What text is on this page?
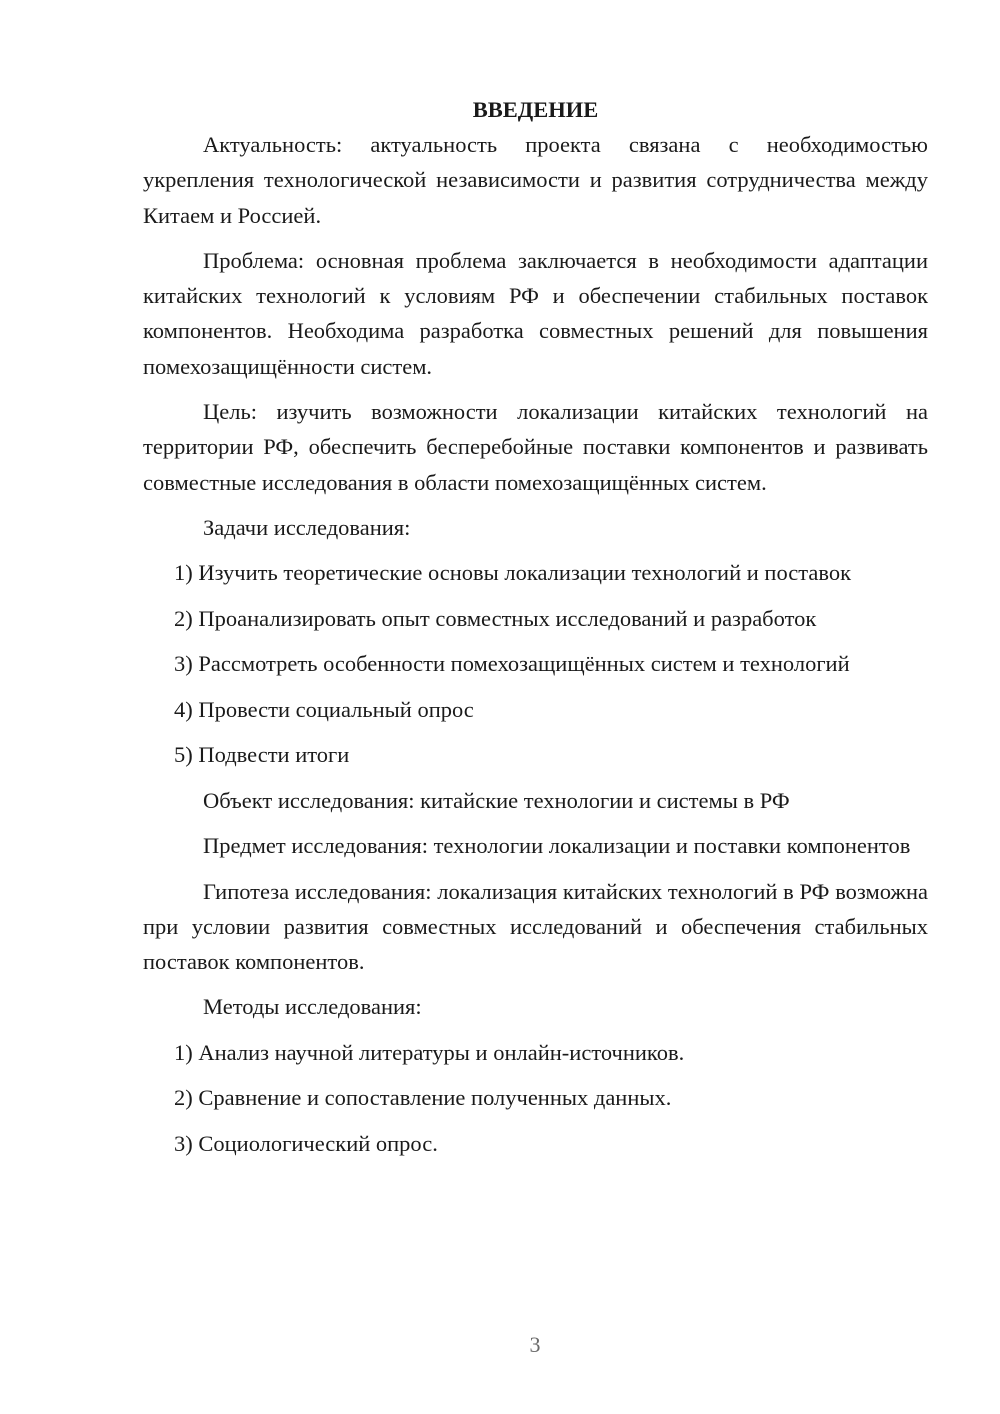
ВВЕДЕНИЕ

Актуальность: актуальность проекта связана с необходимостью укрепления технологической независимости и развития сотрудничества между Китаем и Россией.

Проблема: основная проблема заключается в необходимости адаптации китайских технологий к условиям РФ и обеспечении стабильных поставок компонентов. Необходима разработка совместных решений для повышения помехозащищённости систем.

Цель: изучить возможности локализации китайских технологий на территории РФ, обеспечить бесперебойные поставки компонентов и развивать совместные исследования в области помехозащищённых систем.

Задачи исследования:
1) Изучить теоретические основы локализации технологий и поставок
2) Проанализировать опыт совместных исследований и разработок
3) Рассмотреть особенности помехозащищённых систем и технологий
4) Провести социальный опрос
5) Подвести итоги

Объект исследования: китайские технологии и системы в РФ

Предмет исследования: технологии локализации и поставки компонентов

Гипотеза исследования: локализация китайских технологий в РФ возможна при условии развития совместных исследований и обеспечения стабильных поставок компонентов.

Методы исследования:
1) Анализ научной литературы и онлайн-источников.
2) Сравнение и сопоставление полученных данных.
3) Социологический опрос.
3
